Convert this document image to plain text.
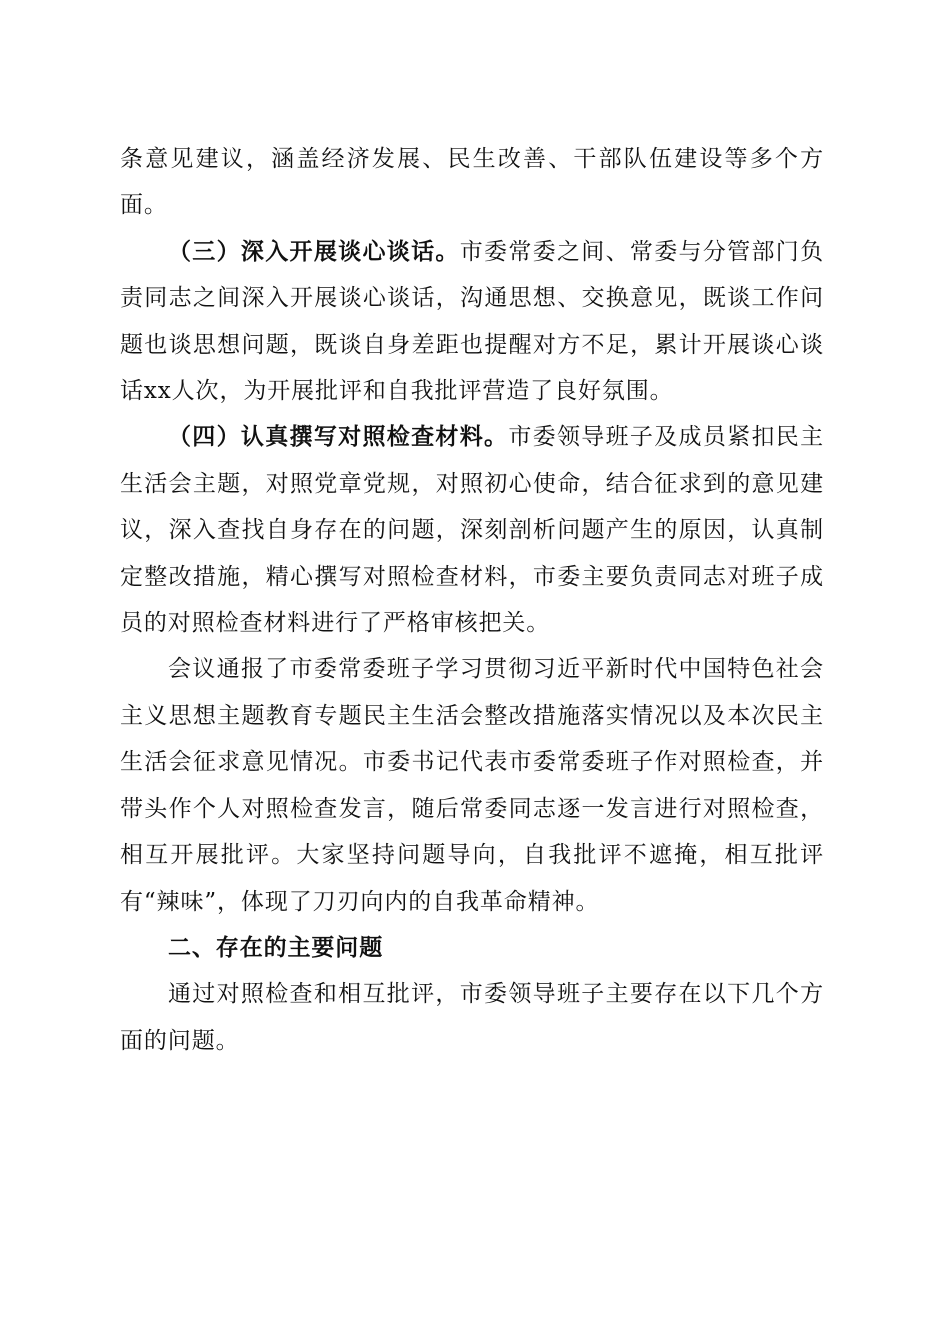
条意见建议，涵盖经济发展、民生改善、干部队伍建设等多个方面。

（三）深入开展谈心谈话。市委常委之间、常委与分管部门负责同志之间深入开展谈心谈话，沟通思想、交换意见，既谈工作问题也谈思想问题，既谈自身差距也提醒对方不足，累计开展谈心谈话xx人次，为开展批评和自我批评营造了良好氛围。

（四）认真撰写对照检查材料。市委领导班子及成员紧扣民主生活会主题，对照党章党规，对照初心使命，结合征求到的意见建议，深入查找自身存在的问题，深刻剖析问题产生的原因，认真制定整改措施，精心撰写对照检查材料，市委主要负责同志对班子成员的对照检查材料进行了严格审核把关。

会议通报了市委常委班子学习贯彻习近平新时代中国特色社会主义思想主题教育专题民主生活会整改措施落实情况以及本次民主生活会征求意见情况。市委书记代表市委常委班子作对照检查，并带头作个人对照检查发言，随后常委同志逐一发言进行对照检查，相互开展批评。大家坚持问题导向，自我批评不遮掩，相互批评有“辣味”，体现了刀刃向内的自我革命精神。

二、存在的主要问题

通过对照检查和相互批评，市委领导班子主要存在以下几个方面的问题。
